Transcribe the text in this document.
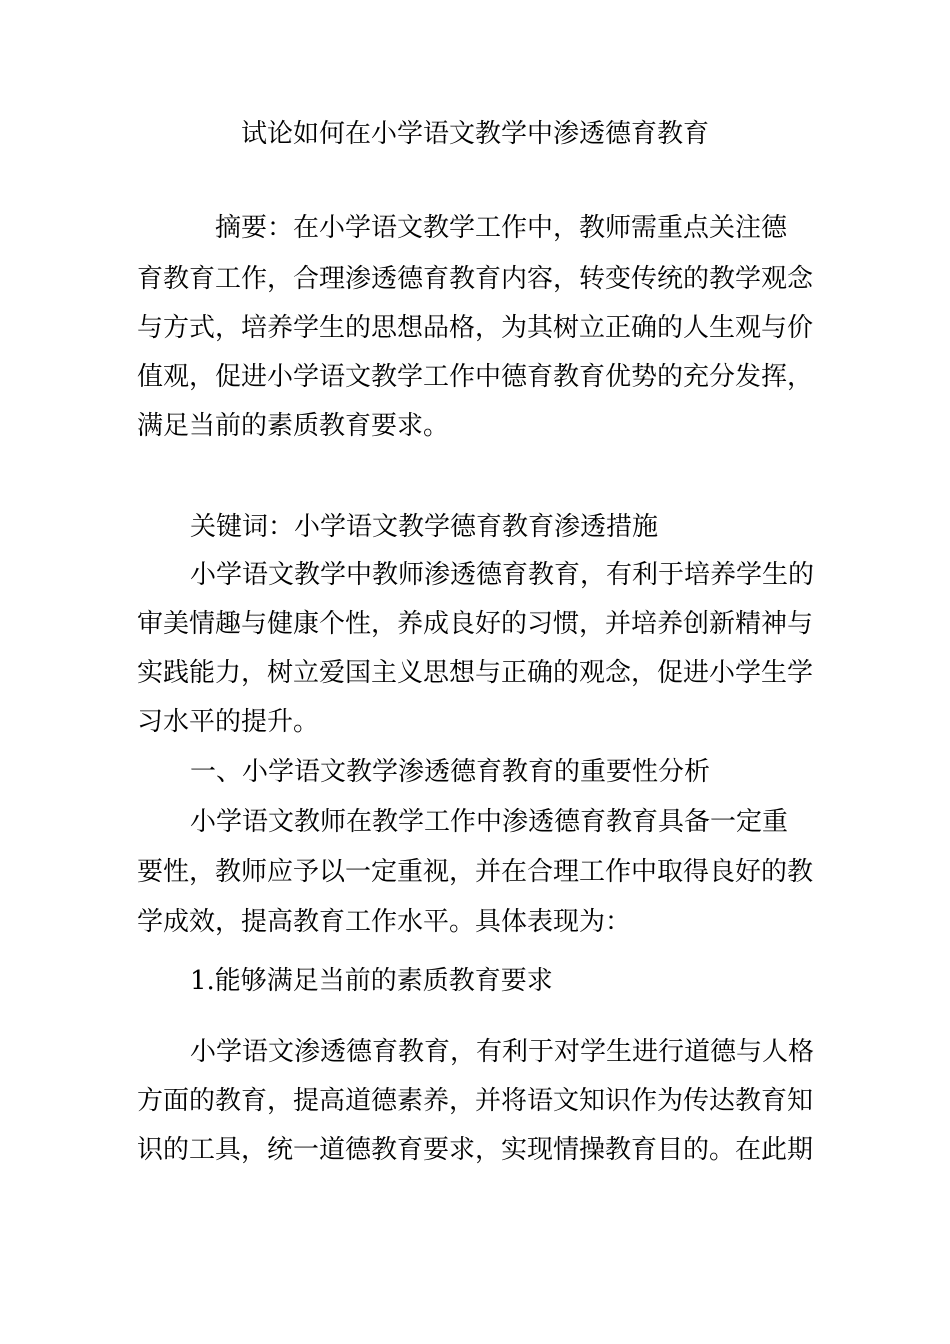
试论如何在小学语文教学中渗透德育教育
摘要：在小学语文教学工作中，教师需重点关注德
育教育工作，合理渗透德育教育内容，转变传统的教学观念
与方式，培养学生的思想品格，为其树立正确的人生观与价
值观，促进小学语文教学工作中德育教育优势的充分发挥，
满足当前的素质教育要求。
关键词：小学语文教学德育教育渗透措施
小学语文教学中教师渗透德育教育，有利于培养学生的
审美情趣与健康个性，养成良好的习惯，并培养创新精神与
实践能力，树立爱国主义思想与正确的观念，促进小学生学
习水平的提升。
一、小学语文教学渗透德育教育的重要性分析
小学语文教师在教学工作中渗透德育教育具备一定重
要性，教师应予以一定重视，并在合理工作中取得良好的教
学成效，提高教育工作水平。具体表现为：
1.能够满足当前的素质教育要求
小学语文渗透德育教育，有利于对学生进行道德与人格
方面的教育，提高道德素养，并将语文知识作为传达教育知
识的工具，统一道德教育要求，实现情操教育目的。在此期
